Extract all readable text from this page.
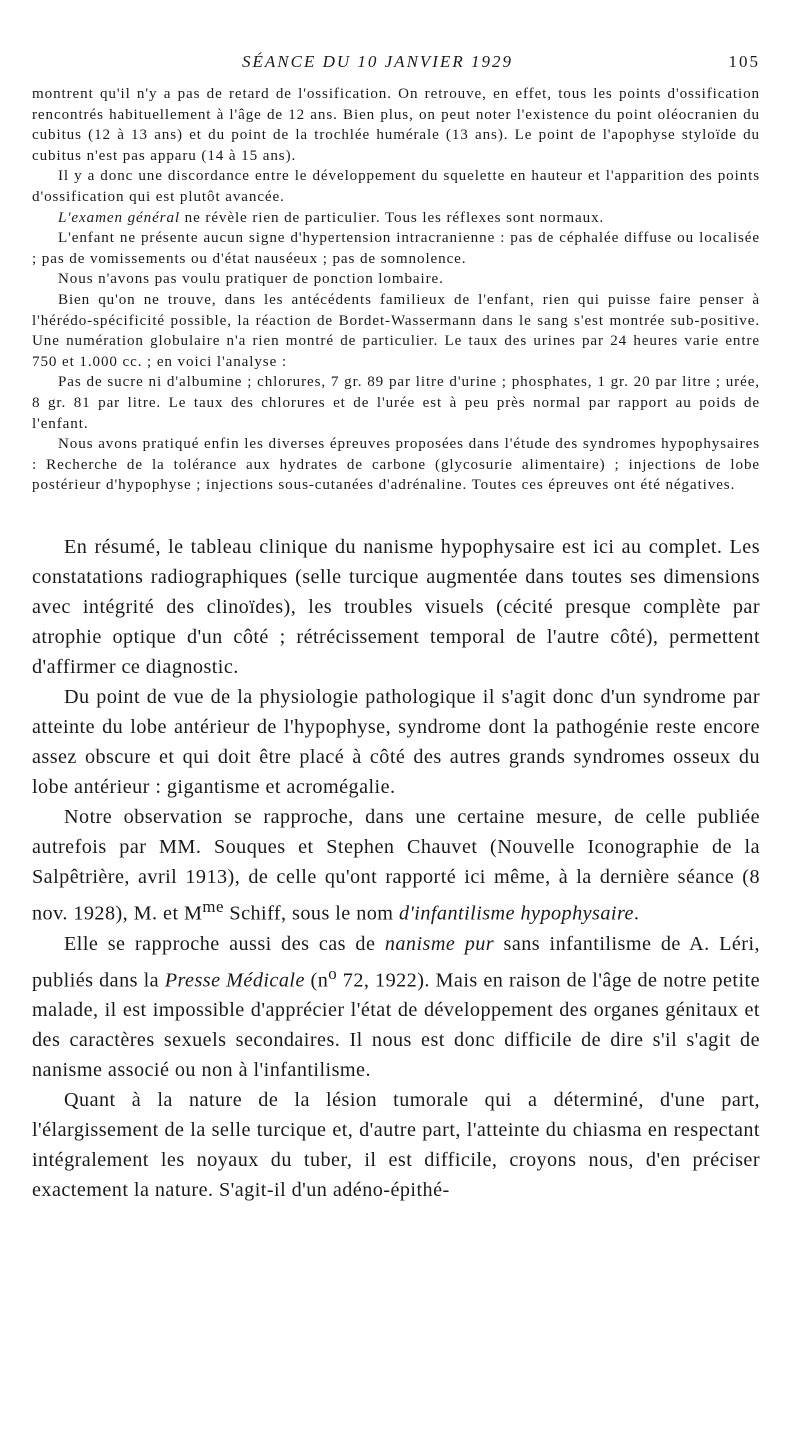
SÉANCE DU 10 JANVIER 1929	105

montrent qu'il n'y a pas de retard de l'ossification. On retrouve, en effet, tous les points d'ossification rencontrés habituellement à l'âge de 12 ans. Bien plus, on peut noter l'existence du point oléocranien du cubitus (12 à 13 ans) et du point de la trochlée humérale (13 ans). Le point de l'apophyse styloïde du cubitus n'est pas apparu (14 à 15 ans).

Il y a donc une discordance entre le développement du squelette en hauteur et l'apparition des points d'ossification qui est plutôt avancée.

L'examen général ne révèle rien de particulier. Tous les réflexes sont normaux.

L'enfant ne présente aucun signe d'hypertension intracranienne : pas de céphalée diffuse ou localisée ; pas de vomissements ou d'état nauséeux ; pas de somnolence.

Nous n'avons pas voulu pratiquer de ponction lombaire.

Bien qu'on ne trouve, dans les antécédents familieux de l'enfant, rien qui puisse faire penser à l'hérédo-spécificité possible, la réaction de Bordet-Wassermann dans le sang s'est montrée sub-positive. Une numération globulaire n'a rien montré de particulier. Le taux des urines par 24 heures varie entre 750 et 1.000 cc. ; en voici l'analyse :

Pas de sucre ni d'albumine ; chlorures, 7 gr. 89 par litre d'urine ; phosphates, 1 gr. 20 par litre ; urée, 8 gr. 81 par litre. Le taux des chlorures et de l'urée est à peu près normal par rapport au poids de l'enfant.

Nous avons pratiqué enfin les diverses épreuves proposées dans l'étude des syndromes hypophysaires : Recherche de la tolérance aux hydrates de carbone (glycosurie alimentaire) ; injections de lobe postérieur d'hypophyse ; injections sous-cutanées d'adrénaline. Toutes ces épreuves ont été négatives.

En résumé, le tableau clinique du nanisme hypophysaire est ici au complet. Les constatations radiographiques (selle turcique augmentée dans toutes ses dimensions avec intégrité des clinoïdes), les troubles visuels (cécité presque complète par atrophie optique d'un côté ; rétrécissement temporal de l'autre côté), permettent d'affirmer ce diagnostic.

Du point de vue de la physiologie pathologique il s'agit donc d'un syndrome par atteinte du lobe antérieur de l'hypophyse, syndrome dont la pathogénie reste encore assez obscure et qui doit être placé à côté des autres grands syndromes osseux du lobe antérieur : gigantisme et acromégalie.

Notre observation se rapproche, dans une certaine mesure, de celle publiée autrefois par MM. Souques et Stephen Chauvet (Nouvelle Iconographie de la Salpêtrière, avril 1913), de celle qu'ont rapporté ici même, à la dernière séance (8 nov. 1928), M. et $M^{me}$ Schiff, sous le nom d'infantilisme hypophysaire.

Elle se rapproche aussi des cas de nanisme pur sans infantilisme de A. Léri, publiés dans la Presse Médicale ($n^o$ 72, 1922). Mais en raison de l'âge de notre petite malade, il est impossible d'apprécier l'état de développement des organes génitaux et des caractères sexuels secondaires. Il nous est donc difficile de dire s'il s'agit de nanisme associé ou non à l'infantilisme.

Quant à la nature de la lésion tumorale qui a déterminé, d'une part, l'élargissement de la selle turcique et, d'autre part, l'atteinte du chiasma en respectant intégralement les noyaux du tuber, il est difficile, croyons nous, d'en préciser exactement la nature. S'agit-il d'un adéno-épithé-
